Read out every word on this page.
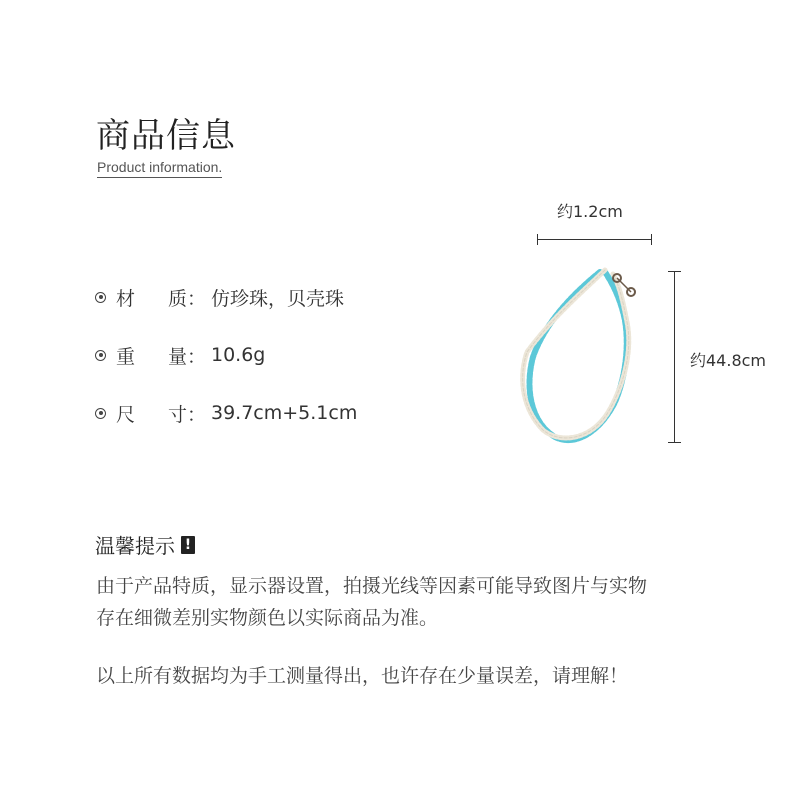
商品信息
Product information.
材	质： 仿珍珠，贝壳珠
重	量： 10.6g
尺	寸： 39.7cm+5.1cm
约1.2cm
约44.8cm
温馨提示 !
由于产品特质，显示器设置，拍摄光线等因素可能导致图片与实物
存在细微差别实物颜色以实际商品为准。
以上所有数据均为手工测量得出，也许存在少量误差，请理解！
